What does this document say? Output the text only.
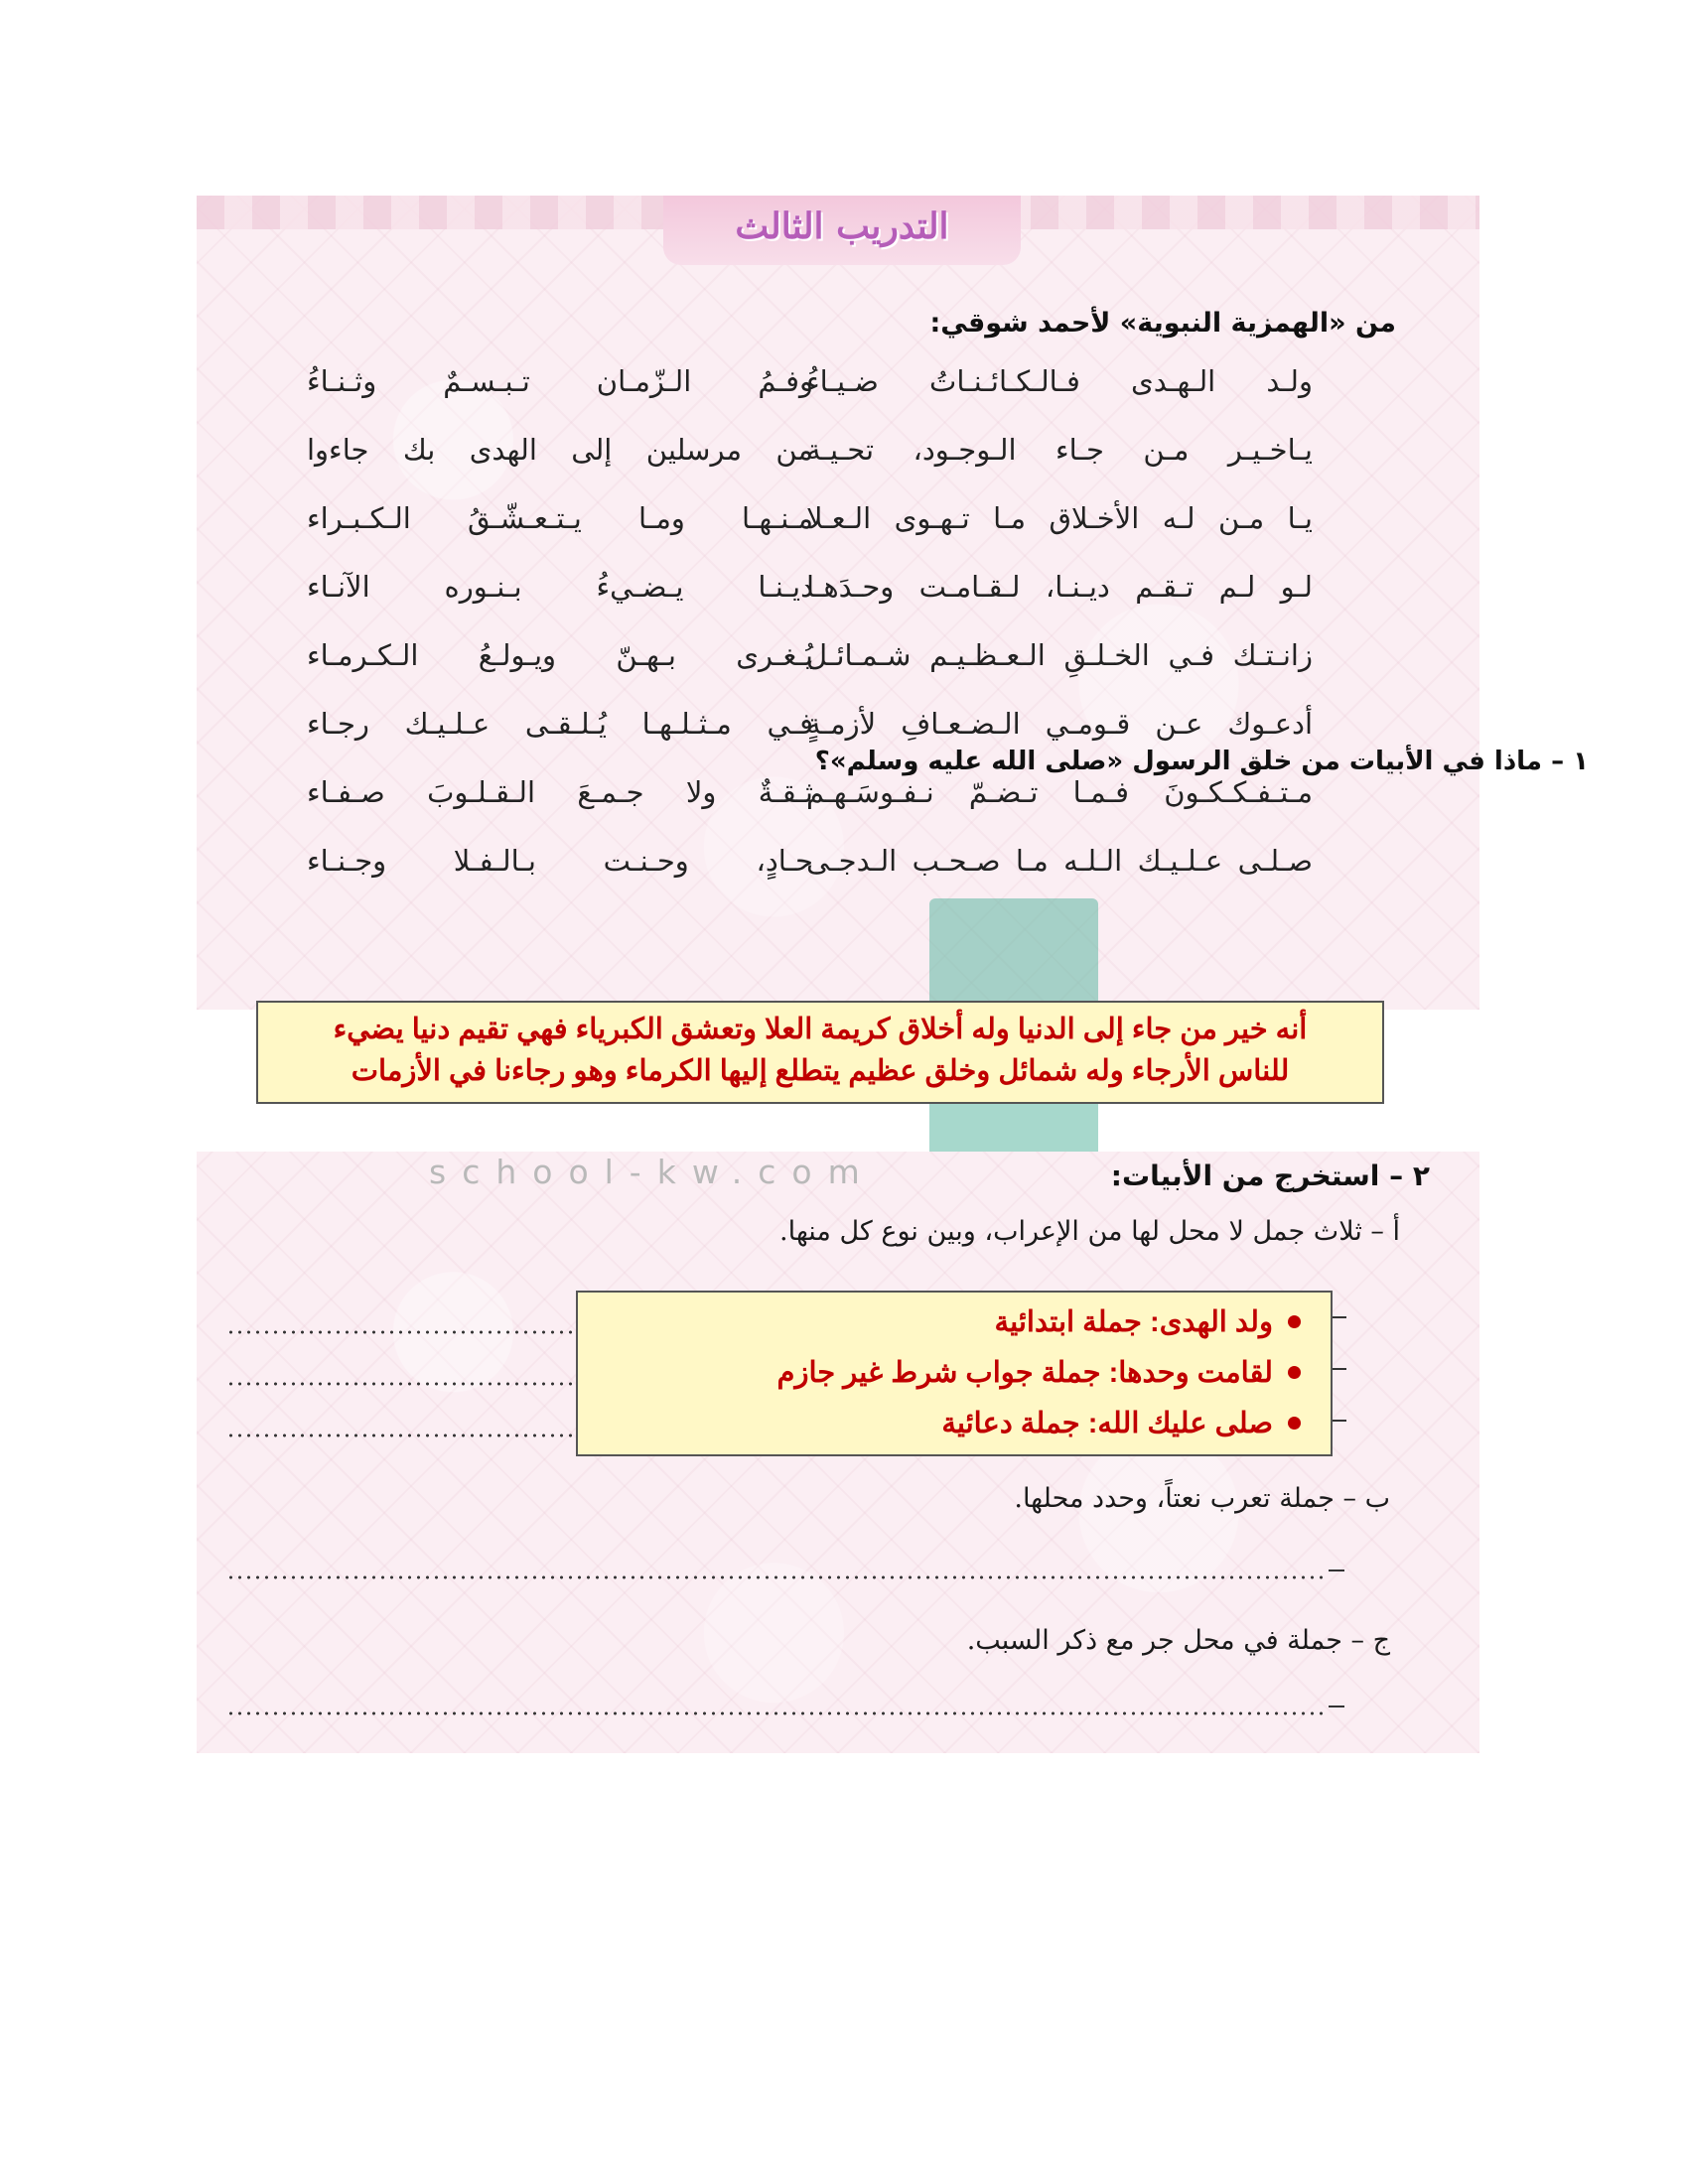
التدريب الثالث
من «الهمزية النبوية» لأحمد شوقي:
ولـد الـهـدى فـالـكـائـنـاتُ ضـيـاءُ
وفـمُ الـزّمـان تـبـسـمٌ وثـنـاءُ
يـاخـيـر مـن جـاء الـوجـود، تحـيـة
من مرسلين إلى الهدى بك جاءوا
يـا مـن لـه الأخـلاق مـا تـهـوى الـعـلا
مـنـهـا ومـا يـتـعـشّـقُ الـكـبـراء
لـو لـم تـقـم ديـنـا، لـقـامـت وحـدَهـا
ديـنـا يـضـيءُ بـنـوره الآنـاء
زانـتـك فـي الخـلـقِ الـعـظـيـم شـمـائـل
يُـغـرى بـهـنّ ويـولـعُ الـكـرمـاء
أدعـوك عـن قـومـي الـضـعـافِ لأزمـةٍ
فـي مـثـلـهـا يُـلـقـى عـلـيـك رجـاء
مـتـفـكـكـونَ فـمـا تـضـمّ نـفـوسَـهـم
ثـقـةٌ ولا جـمـعَ الـقـلـوبَ صـفـاء
صـلـى عـلـيـك الـلـه مـا صـحـب الـدجـى
حـادٍ، وحـنـت بـالـفـلا وجـنـاء
١ – ماذا في الأبيات من خلق الرسول «صلى الله عليه وسلم»؟
أنه خير من جاء إلى الدنيا وله أخلاق كريمة العلا وتعشق الكبرياء فهي تقيم دنيا يضيء
للناس الأرجاء وله شمائل وخلق عظيم يتطلع إليها الكرماء وهو رجاءنا في الأزمات
school-kw.com	٢ – استخرج من الأبيات:
أ – ثلاث جمل لا محل لها من الإعراب، وبين نوع كل منها.
ولد الهدى: جملة ابتدائية
لقامت وحدها: جملة جواب شرط غير جازم
صلى عليك الله: جملة دعائية
ب – جملة تعرب نعتاً، وحدد محلها.
ج – جملة في محل جر مع ذكر السبب.
